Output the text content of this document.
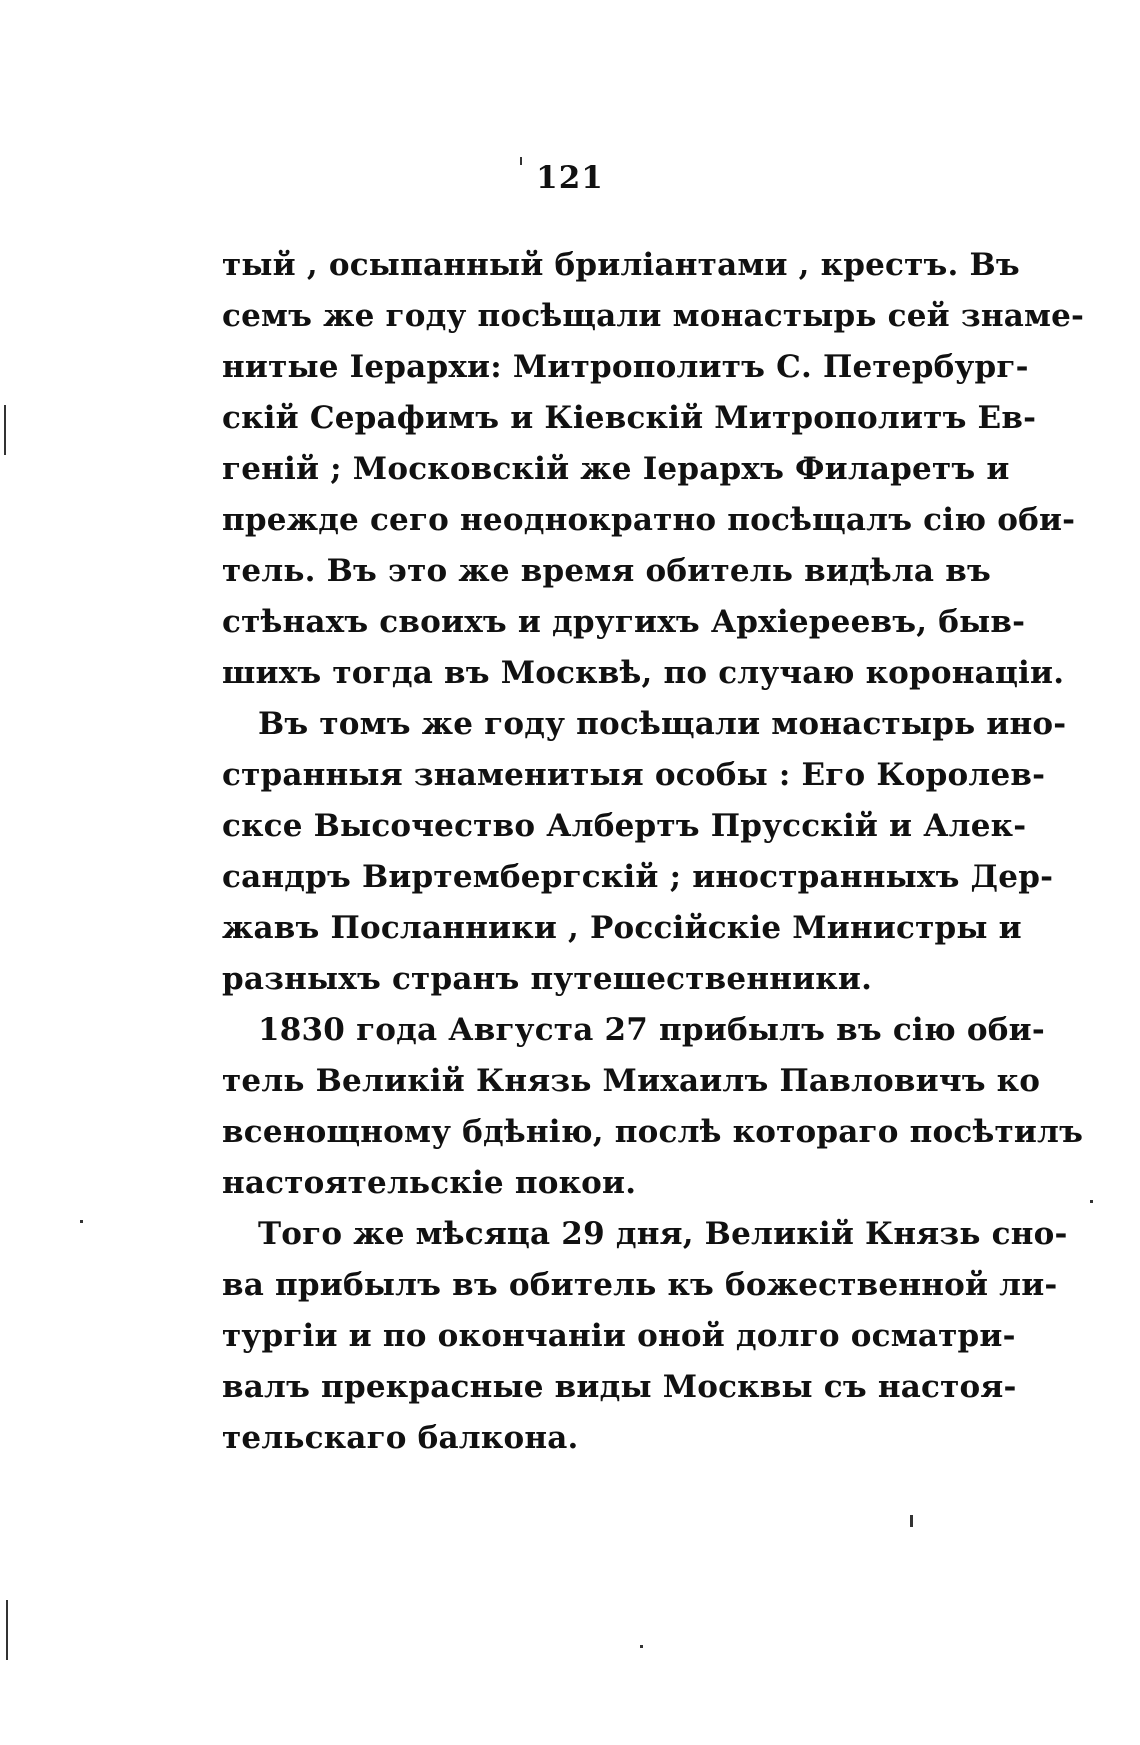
121
тый , осыпанный бриліантами , крестъ. Въ
семъ же году посѣщали монастырь сей знаме-
нитые Іерархи: Митрополитъ С. Петербург-
скій Серафимъ и Кіевскій Митрополитъ Ев-
геній ; Московскій же Іерархъ Филаретъ и
прежде сего неоднократно посѣщалъ сію оби-
тель. Въ это же время обитель видѣла въ
стѣнахъ своихъ и другихъ Архіереевъ, быв-
шихъ тогда въ Москвѣ, по случаю коронаціи.
Въ томъ же году посѣщали монастырь ино-
странныя знаменитыя особы : Его Королев-
скcе Высочество Албертъ Прусскій и Алек-
сандръ Виртембергскій ; иностранныхъ Дер-
жавъ Посланники , Россійскіе Министры и
разныхъ странъ путешественники.
1830 года Августа 27 прибылъ въ сію оби-
тель Великій Князь Михаилъ Павловичъ ко
всенощному бдѣнію, послѣ котораго посѣтилъ
настоятельскіе покои.
Того же мѣсяца 29 дня, Великій Князь сно-
ва прибылъ въ обитель къ божественной ли-
тургіи и по окончаніи оной долго осматри-
валъ прекрасные виды Москвы съ настоя-
тельскаго балкона.
